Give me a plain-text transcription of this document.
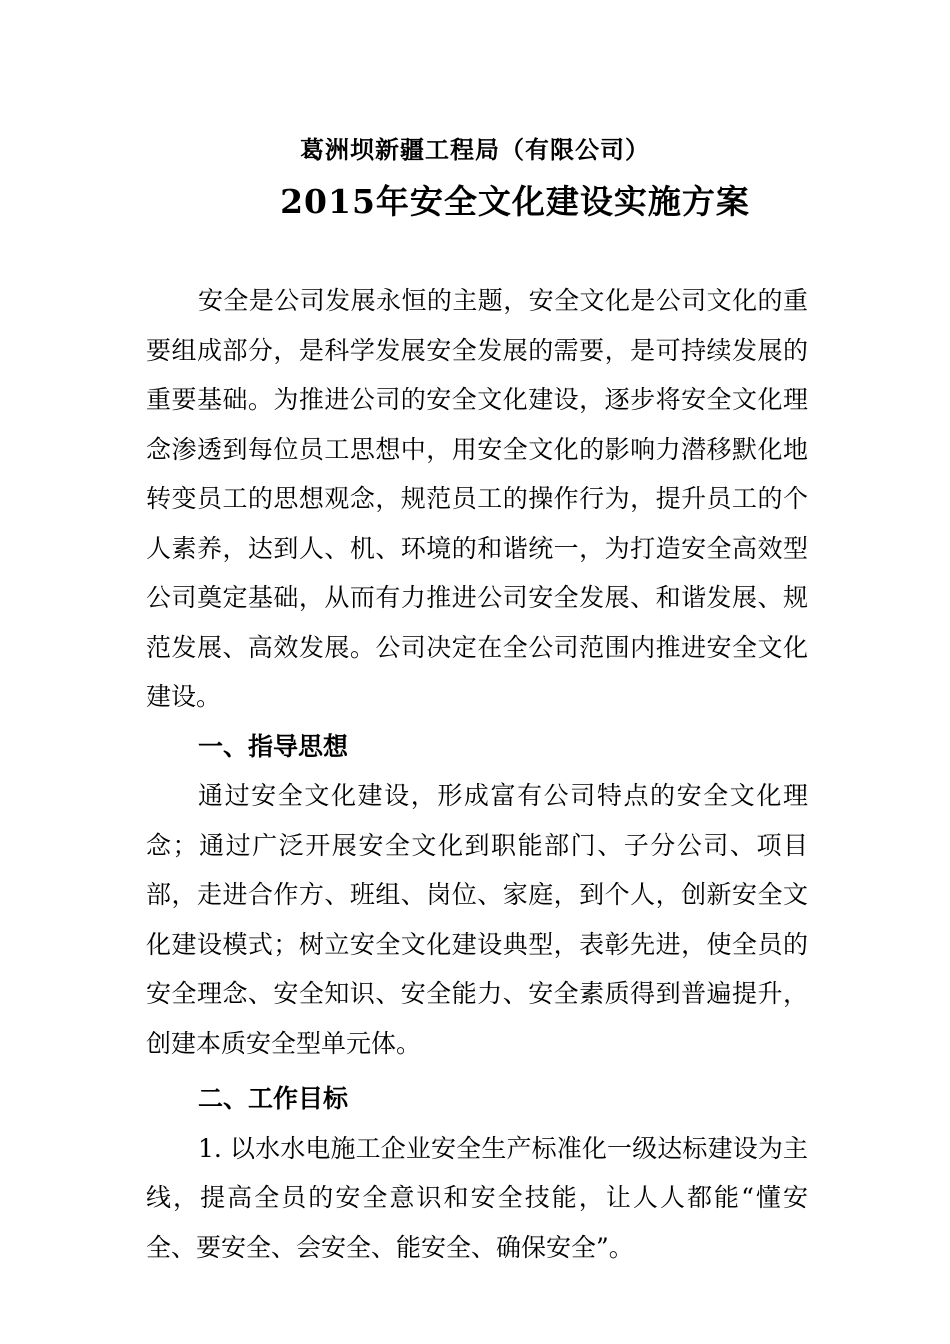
葛洲坝新疆工程局（有限公司）
2015年安全文化建设实施方案

安全是公司发展永恒的主题，安全文化是公司文化的重要组成部分，是科学发展安全发展的需要，是可持续发展的重要基础。为推进公司的安全文化建设，逐步将安全文化理念渗透到每位员工思想中，用安全文化的影响力潜移默化地转变员工的思想观念，规范员工的操作行为，提升员工的个人素养，达到人、机、环境的和谐统一，为打造安全高效型公司奠定基础，从而有力推进公司安全发展、和谐发展、规范发展、高效发展。公司决定在全公司范围内推进安全文化建设。

一、指导思想

通过安全文化建设，形成富有公司特点的安全文化理念；通过广泛开展安全文化到职能部门、子分公司、项目部，走进合作方、班组、岗位、家庭，到个人，创新安全文化建设模式；树立安全文化建设典型，表彰先进，使全员的安全理念、安全知识、安全能力、安全素质得到普遍提升，创建本质安全型单元体。

二、工作目标

1. 以水水电施工企业安全生产标准化一级达标建设为主线，提高全员的安全意识和安全技能，让人人都能“懂安全、要安全、会安全、能安全、确保安全”。
